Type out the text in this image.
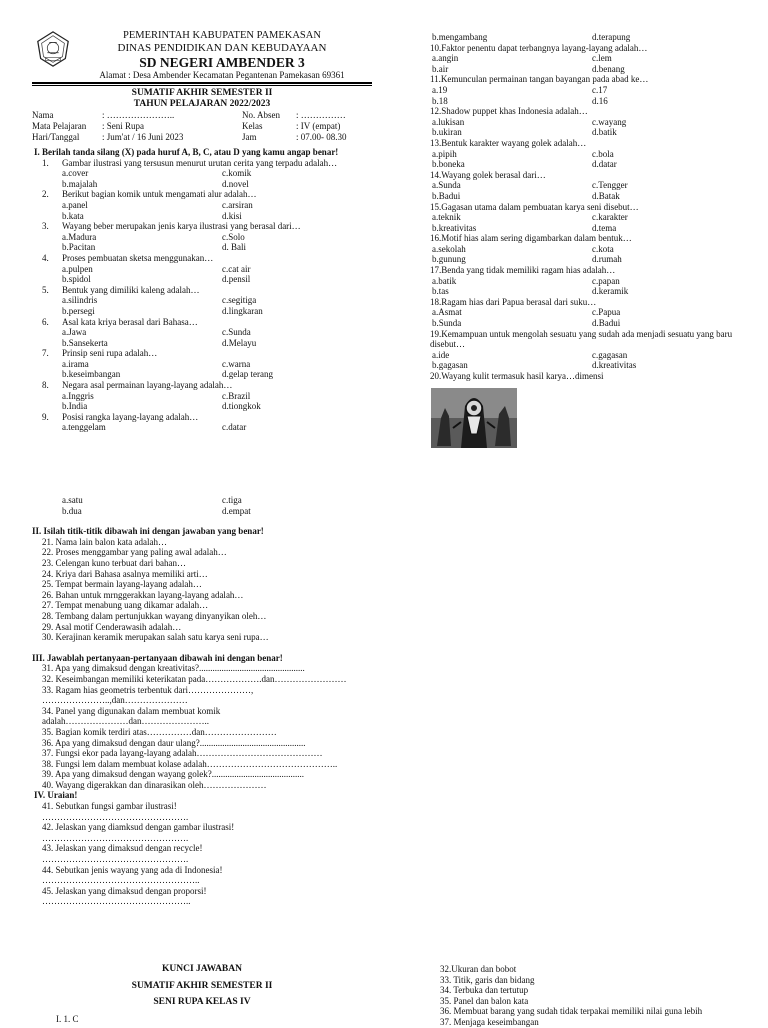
PEMERINTAH KABUPATEN PAMEKASAN
DINAS PENDIDIKAN DAN KEBUDAYAAN
SD NEGERI AMBENDER 3
Alamat : Desa Ambender Kecamatan Pegantenan Pamekasan 69361
SUMATIF AKHIR SEMESTER II
TAHUN PELAJARAN 2022/2023
Nama	: …………………..	No. Absen	: ……………
Mata Pelajaran	: Seni Rupa	Kelas	: IV (empat)
Hari/Tanggal	: Jum'at / 16 Juni 2023	Jam	: 07.00- 08.30
I. Berilah tanda silang (X) pada huruf A, B, C, atau D yang kamu angap benar!
1. Gambar ilustrasi yang tersusun menurut urutan cerita yang terpadu adalah…
a.cover	c.komik
b.majalah	d.novel
2. Berikut bagian komik untuk mengamati alur adalah…
a.panel	c.arsiran
b.kata	d.kisi
3. Wayang beber merupakan jenis karya ilustrasi yang berasal dari…
a.Madura	c.Solo
b.Pacitan	d. Bali
4. Proses pembuatan sketsa menggunakan…
a.pulpen	c.cat air
b.spidol	d.pensil
5. Bentuk yang dimiliki kaleng adalah…
a.silindris	c.segitiga
b.persegi	d.lingkaran
6. Asal kata kriya berasal dari Bahasa…
a.Jawa	c.Sunda
b.Sansekerta	d.Melayu
7. Prinsip seni rupa adalah…
a.irama	c.warna
b.keseimbangan	d.gelap terang
8. Negara asal permainan layang-layang adalah…
a.Inggris	c.Brazil
b.India	d.tiongkok
9. Posisi rangka layang-layang adalah…
a.tenggelam	c.datar
a.satu	c.tiga
b.dua	d.empat
II. Isilah titik-titik dibawah ini dengan jawaban yang benar!
21. Nama lain balon kata adalah…
22. Proses menggambar yang paling awal adalah…
23. Celengan kuno terbuat dari bahan…
24. Kriya dari Bahasa asalnya memiliki arti…
25. Tempat bermain layang-layang adalah…
26. Bahan untuk mrnggerakkan layang-layang adalah…
27. Tempat menabung uang dikamar adalah…
28. Tembang dalam pertunjukkan wayang dinyanyikan oleh…
29. Asal motif Cenderawasih adalah…
30. Kerajinan keramik merupakan salah satu karya seni rupa…
III. Jawablah pertanyaan-pertanyaan dibawah ini dengan benar!
31. Apa yang dimaksud dengan kreativitas?...............................................
32. Keseimbangan memiliki keterikatan pada……………….dan……………………
33. Ragam hias geometris terbentuk dari…………………,
…………………..,dan…………………
34. Panel yang digunakan dalam membuat komik
adalah…………………dan…………………..
35. Bagian komik terdiri atas……………dan……………………
36. Apa yang dimaksud dengan daur ulang?...............................................
37. Fungsi ekor pada layang-layang adalah……………………………………
38. Fungsi lem dalam membuat kolase adalah……………………………………..
39. Apa yang dimaksud dengan wayang golek?.........................................
40. Wayang digerakkan dan dinarasikan oleh…………………
IV. Uraian!
41. Sebutkan fungsi gambar ilustrasi!
………………………………………….
42. Jelaskan yang diamksud dengan gambar ilustrasi!
………………………………………….
43. Jelaskan yang dimaksud dengan recycle!
………………………………………….
44. Sebutkan jenis wayang yang ada di Indonesia!
……………………………………………..
45. Jelaskan yang dimaksud dengan proporsi!
…………………………………………..
KUNCI JAWABAN
SUMATIF AKHIR SEMESTER II
SENI RUPA KELAS IV
I. 1. C
b.mengambang	d.terapung
10.Faktor penentu dapat terbangnya layang-layang adalah…
a.angin	c.lem
b.air	d.benang
11.Kemunculan permainan tangan bayangan pada abad ke…
a.19	c.17
b.18	d.16
12.Shadow puppet khas Indonesia adalah…
a.lukisan	c.wayang
b.ukiran	d.batik
13.Bentuk karakter wayang golek adalah…
a.pipih	c.bola
b.boneka	d.datar
14.Wayang golek berasal dari…
a.Sunda	c.Tengger
b.Badui	d.Batak
15.Gagasan utama dalam pembuatan karya seni disebut…
a.teknik	c.karakter
b.kreativitas	d.tema
16.Motif hias alam sering digambarkan dalam bentuk…
a.sekolah	c.kota
b.gunung	d.rumah
17.Benda yang tidak memiliki ragam hias adalah…
a.batik	c.papan
b.tas	d.keramik
18.Ragam hias dari Papua berasal dari suku…
a.Asmat	c.Papua
b.Sunda	d.Badui
19.Kemampuan untuk mengolah sesuatu yang sudah ada menjadi sesuatu yang baru
disebut…
a.ide	c.gagasan
b.gagasan	d.kreativitas
20.Wayang kulit termasuk hasil karya…dimensi
32.Ukuran dan bobot
33. Titik, garis dan bidang
34. Terbuka dan tertutup
35. Panel dan balon kata
36. Membuat barang yang sudah tidak terpakai memiliki nilai guna lebih
37. Menjaga keseimbangan
